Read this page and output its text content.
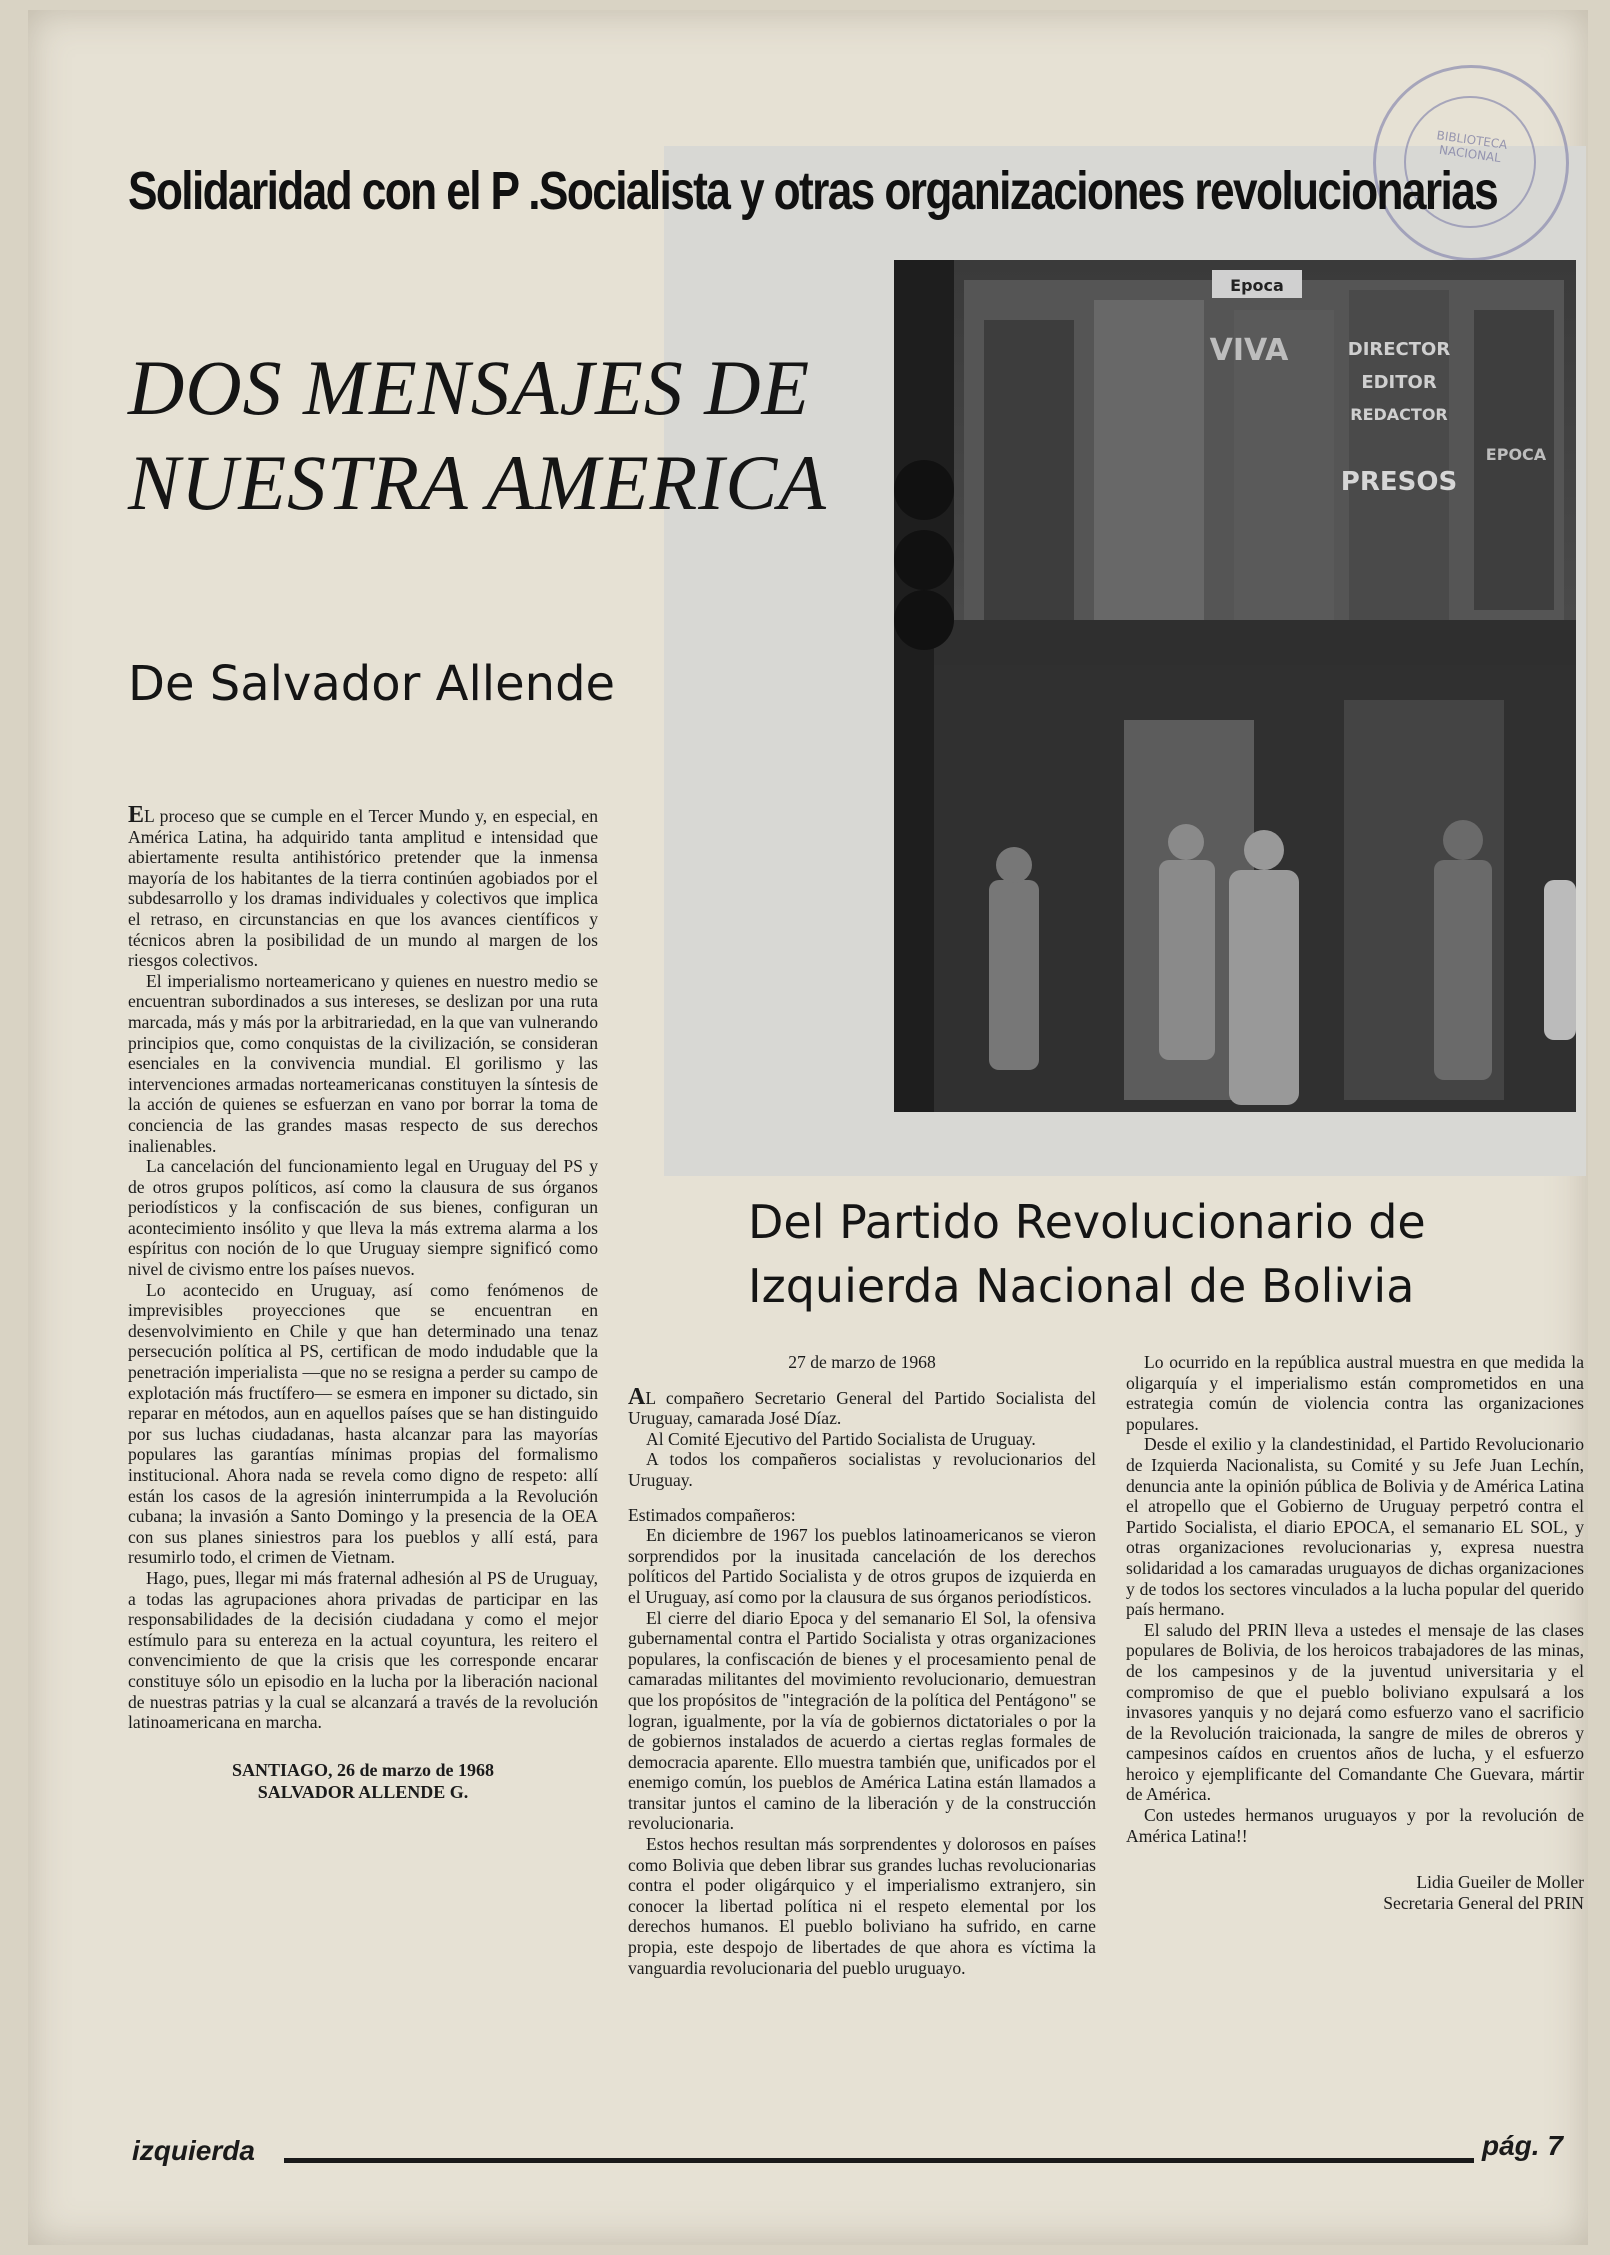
BIBLIOTECA NACIONAL
Solidaridad con el P .Socialista y otras organizaciones revolucionarias
DOS MENSAJES DE NUESTRA AMERICA
Epoca
VIVA	DIRECTOR
EDITOR
REDACTOR
PRESOS
EPOCA
De Salvador Allende
Del Partido Revolucionario de Izquierda Nacional de Bolivia

EL proceso que se cumple en el Tercer Mundo y, en especial, en América Latina, ha adquirido tanta amplitud e intensidad que abiertamente resulta antihistórico pretender que la inmensa mayoría de los habitantes de la tierra continúen agobiados por el subdesarrollo y los dramas individuales y colectivos que implica el retraso, en circunstancias en que los avances científicos y técnicos abren la posibilidad de un mundo al margen de los riesgos colectivos.

El imperialismo norteamericano y quienes en nuestro medio se encuentran subordinados a sus intereses, se deslizan por una ruta marcada, más y más por la arbitrariedad, en la que van vulnerando principios que, como conquistas de la civilización, se consideran esenciales en la convivencia mundial. El gorilismo y las intervenciones armadas norteamericanas constituyen la síntesis de la acción de quienes se esfuerzan en vano por borrar la toma de conciencia de las grandes masas respecto de sus derechos inalienables.

La cancelación del funcionamiento legal en Uruguay del PS y de otros grupos políticos, así como la clausura de sus órganos periodísticos y la confiscación de sus bienes, configuran un acontecimiento insólito y que lleva la más extrema alarma a los espíritus con noción de lo que Uruguay siempre significó como nivel de civismo entre los países nuevos.

Lo acontecido en Uruguay, así como fenómenos de imprevisibles proyecciones que se encuentran en desenvolvimiento en Chile y que han determinado una tenaz persecución política al PS, certifican de modo indudable que la penetración imperialista —que no se resigna a perder su campo de explotación más fructífero— se esmera en imponer su dictado, sin reparar en métodos, aun en aquellos países que se han distinguido por sus luchas ciudadanas, hasta alcanzar para las mayorías populares las garantías mínimas propias del formalismo institucional. Ahora nada se revela como digno de respeto: allí están los casos de la agresión ininterrumpida a la Revolución cubana; la invasión a Santo Domingo y la presencia de la OEA con sus planes siniestros para los pueblos y allí está, para resumirlo todo, el crimen de Vietnam.

Hago, pues, llegar mi más fraternal adhesión al PS de Uruguay, a todas las agrupaciones ahora privadas de participar en las responsabilidades de la decisión ciudadana y como el mejor estímulo para su entereza en la actual coyuntura, les reitero el convencimiento de que la crisis que les corresponde encarar constituye sólo un episodio en la lucha por la liberación nacional de nuestras patrias y la cual se alcanzará a través de la revolución latinoamericana en marcha.

SANTIAGO, 26 de marzo de 1968

SALVADOR ALLENDE G.

27 de marzo de 1968

AL compañero Secretario General del Partido Socialista del Uruguay, camarada José Díaz.

Al Comité Ejecutivo del Partido Socialista de Uruguay.

A todos los compañeros socialistas y revolucionarios del Uruguay.

Estimados compañeros:

En diciembre de 1967 los pueblos latinoamericanos se vieron sorprendidos por la inusitada cancelación de los derechos políticos del Partido Socialista y de otros grupos de izquierda en el Uruguay, así como por la clausura de sus órganos periodísticos.

El cierre del diario Epoca y del semanario El Sol, la ofensiva gubernamental contra el Partido Socialista y otras organizaciones populares, la confiscación de bienes y el procesamiento penal de camaradas militantes del movimiento revolucionario, demuestran que los propósitos de "integración de la política del Pentágono" se logran, igualmente, por la vía de gobiernos dictatoriales o por la de gobiernos instalados de acuerdo a ciertas reglas formales de democracia aparente. Ello muestra también que, unificados por el enemigo común, los pueblos de América Latina están llamados a transitar juntos el camino de la liberación y de la construcción revolucionaria.

Estos hechos resultan más sorprendentes y dolorosos en países como Bolivia que deben librar sus grandes luchas revolucionarias contra el poder oligárquico y el imperialismo extranjero, sin conocer la libertad política ni el respeto elemental por los derechos humanos. El pueblo boliviano ha sufrido, en carne propia, este despojo de libertades de que ahora es víctima la vanguardia revolucionaria del pueblo uruguayo.

Lo ocurrido en la república austral muestra en que medida la oligarquía y el imperialismo están comprometidos en una estrategia común de violencia contra las organizaciones populares.

Desde el exilio y la clandestinidad, el Partido Revolucionario de Izquierda Nacionalista, su Comité y su Jefe Juan Lechín, denuncia ante la opinión pública de Bolivia y de América Latina el atropello que el Gobierno de Uruguay perpetró contra el Partido Socialista, el diario EPOCA, el semanario EL SOL, y otras organizaciones revolucionarias y, expresa nuestra solidaridad a los camaradas uruguayos de dichas organizaciones y de todos los sectores vinculados a la lucha popular del querido país hermano.

El saludo del PRIN lleva a ustedes el mensaje de las clases populares de Bolivia, de los heroicos trabajadores de las minas, de los campesinos y de la juventud universitaria y el compromiso de que el pueblo boliviano expulsará a los invasores yanquis y no dejará como esfuerzo vano el sacrificio de la Revolución traicionada, la sangre de miles de obreros y campesinos caídos en cruentos años de lucha, y el esfuerzo heroico y ejemplificante del Comandante Che Guevara, mártir de América.

Con ustedes hermanos uruguayos y por la revolución de América Latina!!

Lidia Gueiler de Moller

Secretaria General del PRIN

izquierda	pág. 7
